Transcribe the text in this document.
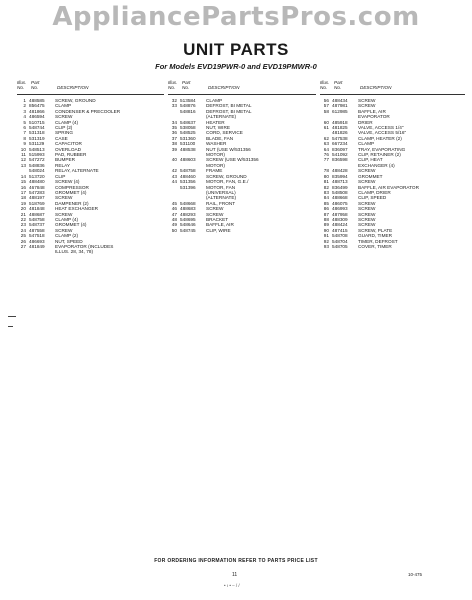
AppliancePartsPros.com
UNIT PARTS
For Models EVD19PWR-0 and EVD19PMWR-0
Illus.
No.
Part
No.	DESCRIPTION
1 488585	SCREW, GROUND
2 856475	CLAMP
3 481866	CONDENSER & PRECOOLER
4 486594	SCREW
5 510715	CLAMP (4)
6 548744	CLIP (2)
7 531318	SPRING
8 531319	CASE
9 531129	CAPACITOR
10 548513	OVERLOAD
11 515993	PAD, RUBBER
12 547272	BUMPER
13 548836	RELAY
548024	RELAY, ALTERNATE
14 513720	CLIP
15 488480	SCREW (4)
16 467848	COMPRESSOR
17 547283	GROMMET (4)
18 488197	SCREW
19 518769	DAMPENER (2)
20 481848	HEAT EXCHANGER
21 488687	SCREW
22 548758	CLAMP (4)
23 548737	GROMMET (4)
24 487558	SCREW
25 547518	CLAMP (2)
26 486693	NUT, SPEED
27 481849	EVAPORATOR (INCLUDES
ILLUS. 28, 34, 78)
Illus.
No.
Part
No.	DESCRIPTION
32 513584	CLAMP
33 548876	DEFROST, BI METAL
548816	DEFROST, BI METAL
(ALTERNATE)
34 548637	HEATER
35 538058	NUT, WIRE
36 548525	CORD, SERVICE
37 531360	BLADE, FAN
38 531100	WASHER
39 488538	NUT (USE W/531356
MOTOR)
40 488603	SCREW (USE W/531356
MOTOR)
42 548758	FRAME
43 488460	SCREW, GROUND
44 531356	MOTOR, FAN, G.E./
531396	MOTOR, FAN
(UNIVERSAL)
(ALTERNATE)
45 548668	RAIL, FRONT
46 488683	SCREW
47 488293	SCREW
48 548695	BRACKET
49 548646	BAFFLE, AIR
50 548745	CLIP, WIRE
Illus.
No.
Part
No.	DESCRIPTION
56 488434	SCREW
57 487981	SCREW
58 612985	BAFFLE, AIR
EVAPORATOR
60 485918	DRIER
61 481825	VALVE, ACCESS 1/4"
481826	VALVE, ACCESS 5/16"
62 547538	CLAMP, HEATER (2)
63 667234	CLAMP
64 836097	TRAY, EVAPORATING
76 541092	CLIP, RETAINER (2)
77 836598	CLIP, HEAT
EXCHANGER (4)
78 488428	SCREW
80 835994	GROMMET
81 488713	SCREW
82 836499	BAFFLE, AIR EVAPORATOR
83 548508	CLAMP, DRIER
84 488668	CLIP, SPEED
85 486075	SCREW
86 486993	SCREW
87 487958	SCREW
88 488309	SCREW
89 488424	SCREW
90 487415	SCREW, PLATE
91 548708	GUARD, TIMER
92 548704	TIMER, DEFROST
93 548705	COVER, TIMER
FOR ORDERING INFORMATION REFER TO PARTS PRICE LIST
11	10-475
• ı • – / /
